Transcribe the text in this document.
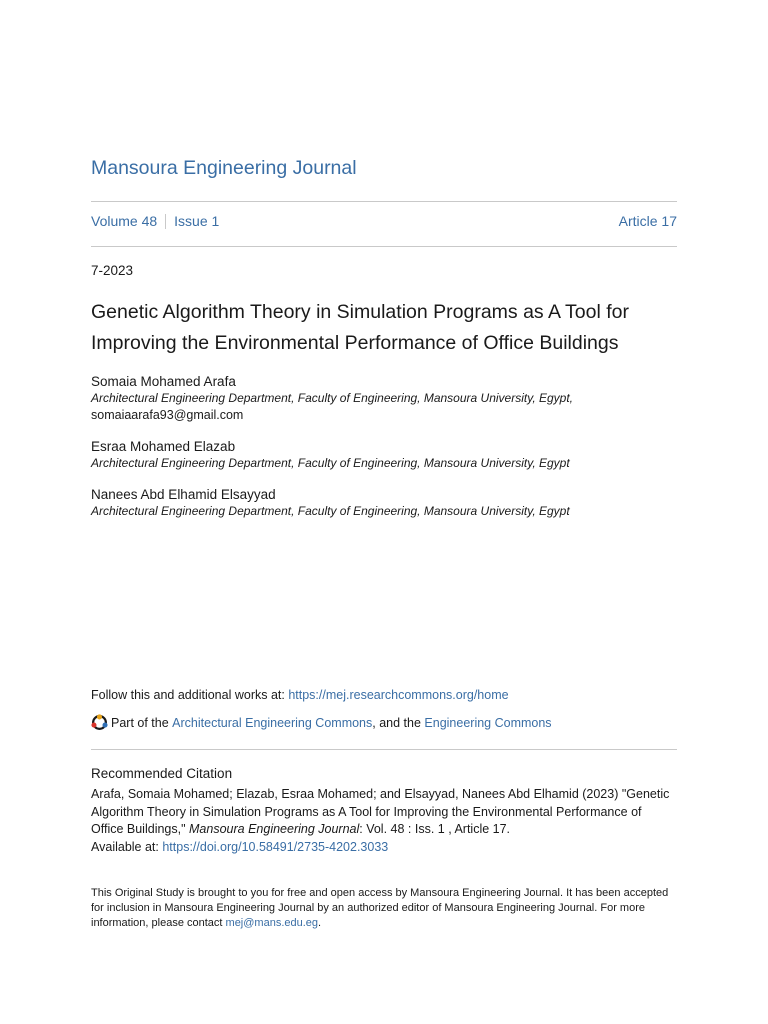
Mansoura Engineering Journal
Volume 48 Issue 1	Article 17
7-2023
Genetic Algorithm Theory in Simulation Programs as A Tool for
Improving the Environmental Performance of Office Buildings
Somaia Mohamed Arafa
Architectural Engineering Department, Faculty of Engineering, Mansoura University, Egypt,
somaiaarafa93@gmail.com
Esraa Mohamed Elazab
Architectural Engineering Department, Faculty of Engineering, Mansoura University, Egypt
Nanees Abd Elhamid Elsayyad
Architectural Engineering Department, Faculty of Engineering, Mansoura University, Egypt
Follow this and additional works at: https://mej.researchcommons.org/home
Part of the
Architectural Engineering Commons , and the
Engineering Commons
Recommended Citation
Arafa, Somaia Mohamed; Elazab, Esraa Mohamed; and Elsayyad, Nanees Abd Elhamid (2023) "Genetic Algorithm Theory in Simulation Programs as A Tool for Improving the Environmental Performance of Office Buildings," Mansoura Engineering Journal: Vol. 48 : Iss. 1 , Article 17.
Available at: https://doi.org/10.58491/2735-4202.3033
This Original Study is brought to you for free and open access by Mansoura Engineering Journal. It has been accepted for inclusion in Mansoura Engineering Journal by an authorized editor of Mansoura Engineering Journal. For more information, please contact mej@mans.edu.eg.
